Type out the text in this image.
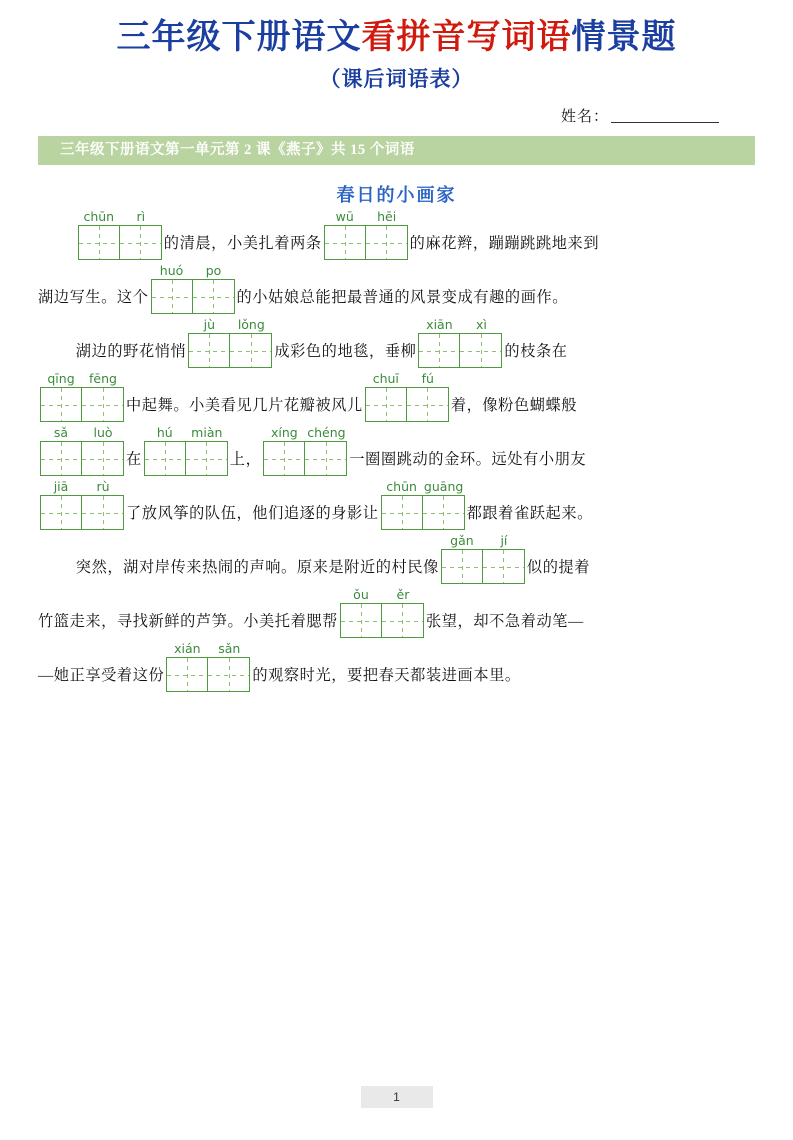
三年级下册语文看拼音写词语情景题
（课后词语表）
姓名：
三年级下册语文第一单元第 2 课《燕子》共 15 个词语
春日的小画家

chūn	rì
的清晨，小美扎着两条
wū	hēi
的麻花辫，蹦蹦跳跳地来到
湖边写生。这个
huó	po
的小姑娘总能把最普通的风景变成有趣的画作。

湖边的野花悄悄
jù	lǒng
成彩色的地毯，垂柳
xiān	xì
的枝条在

qīng	fēng
中起舞。小美看见几片花瓣被风儿
chuī	fú
着，像粉色蝴蝶般

sǎ	luò
在
hú	miàn
上，
xíng chéng
一圈圈跳动的金环。远处有小朋友

jiā	rù
了放风筝的队伍，他们追逐的身影让
chūn guāng
都跟着雀跃起来。

突然，湖对岸传来热闹的声响。原来是附近的村民像
gǎn	jí
似的提着
竹篮走来，寻找新鲜的芦笋。小美托着腮帮
ǒu	ěr
张望，却不急着动笔—
—她正享受着这份
xián	sǎn
的观察时光，要把春天都装进画本里。

1
